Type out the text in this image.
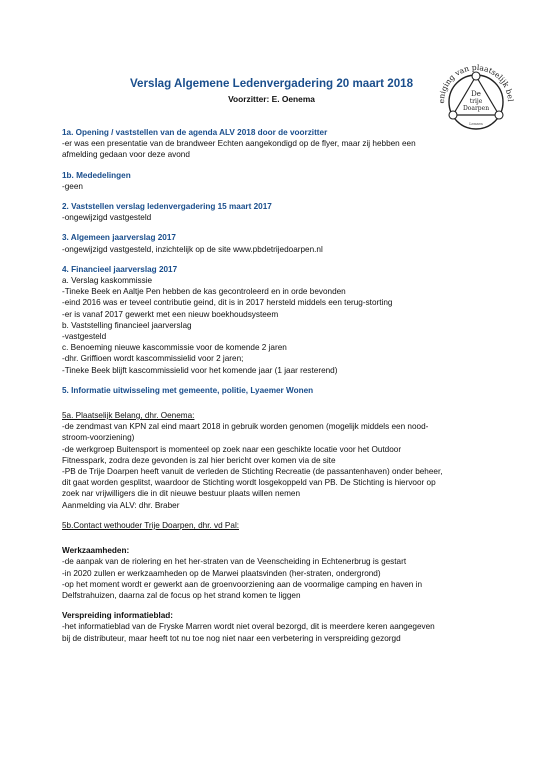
eniging van plaatselijk bel
De
trije
Doarpen
Lemsen
Verslag Algemene Ledenvergadering 20 maart 2018
Voorzitter: E. Oenema
1a. Opening / vaststellen van de agenda ALV 2018 door de voorzitter
-er was een presentatie van de brandweer Echten aangekondigd op de flyer, maar zij hebben een
afmelding gedaan voor deze avond
1b. Mededelingen
-geen
2. Vaststellen verslag ledenvergadering 15 maart 2017
-ongewijzigd vastgesteld
3. Algemeen jaarverslag 2017
-ongewijzigd vastgesteld, inzichtelijk op de site www.pbdetrijedoarpen.nl
4. Financieel jaarverslag 2017
a. Verslag kaskommissie
-Tineke Beek en Aaltje Pen hebben de kas gecontroleerd en in orde bevonden
-eind 2016 was er teveel contributie geind, dit is in 2017 hersteld middels een terug-storting
-er is vanaf 2017 gewerkt met een nieuw boekhoudsysteem
b. Vaststelling financieel jaarverslag
-vastgesteld
c. Benoeming nieuwe kascommissie voor de komende 2 jaren
-dhr. Griffioen wordt kascommissielid voor 2 jaren;
-Tineke Beek blijft kascommissielid voor het komende jaar (1 jaar resterend)
5. Informatie uitwisseling met gemeente, politie, Lyaemer Wonen
5a. Plaatselijk Belang, dhr. Oenema:
-de zendmast van KPN zal eind maart 2018 in gebruik worden genomen (mogelijk middels een nood-
stroom-voorziening)
-de werkgroep Buitensport is momenteel op zoek naar een geschikte locatie voor het Outdoor
Fitnesspark, zodra deze gevonden is zal hier bericht over komen via de site
-PB de Trije Doarpen heeft vanuit de verleden de Stichting Recreatie (de passantenhaven) onder beheer,
dit gaat worden gesplitst, waardoor de Stichting wordt losgekoppeld van PB. De Stichting is hiervoor op
zoek nar vrijwilligers die in dit nieuwe bestuur plaats willen nemen
Aanmelding via ALV: dhr. Braber
5b.Contact wethouder Trije Doarpen, dhr. vd Pal:
Werkzaamheden:
-de aanpak van de riolering en het her-straten van de Veenscheiding in Echtenerbrug is gestart
-in 2020 zullen er werkzaamheden op de Marwei plaatsvinden (her-straten, ondergrond)
-op het moment wordt er gewerkt aan de groenvoorziening aan de voormalige camping en haven in
Delfstrahuizen, daarna zal de focus op het strand komen te liggen
Verspreiding informatieblad:
-het informatieblad van de Fryske Marren wordt niet overal bezorgd, dit is meerdere keren aangegeven
bij de distributeur, maar heeft tot nu toe nog niet naar een verbetering in verspreiding gezorgd
